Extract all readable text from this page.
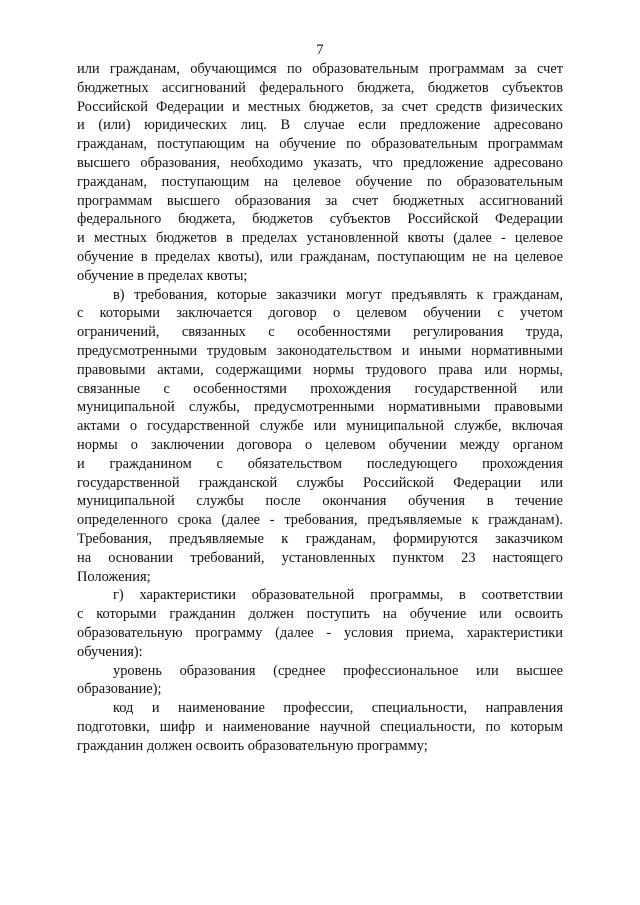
7
или гражданам, обучающимся по образовательным программам за счет
бюджетных ассигнований федерального бюджета, бюджетов субъектов
Российской Федерации и местных бюджетов, за счет средств физических
и (или) юридических лиц. В случае если предложение адресовано
гражданам, поступающим на обучение по образовательным программам
высшего образования, необходимо указать, что предложение адресовано
гражданам, поступающим на целевое обучение по образовательным
программам высшего образования за счет бюджетных ассигнований
федерального бюджета, бюджетов субъектов Российской Федерации
и местных бюджетов в пределах установленной квоты (далее - целевое
обучение в пределах квоты), или гражданам, поступающим не на целевое
обучение в пределах квоты;
в) требования, которые заказчики могут предъявлять к гражданам,
с которыми заключается договор о целевом обучении с учетом
ограничений, связанных с особенностями регулирования труда,
предусмотренными трудовым законодательством и иными нормативными
правовыми актами, содержащими нормы трудового права или нормы,
связанные с особенностями прохождения государственной или
муниципальной службы, предусмотренными нормативными правовыми
актами о государственной службе или муниципальной службе, включая
нормы о заключении договора о целевом обучении между органом
и гражданином с обязательством последующего прохождения
государственной гражданской службы Российской Федерации или
муниципальной службы после окончания обучения в течение
определенного срока (далее - требования, предъявляемые к гражданам).
Требования, предъявляемые к гражданам, формируются заказчиком
на основании требований, установленных пунктом 23 настоящего
Положения;
г) характеристики образовательной программы, в соответствии
с которыми гражданин должен поступить на обучение или освоить
образовательную программу (далее - условия приема, характеристики
обучения):
уровень образования (среднее профессиональное или высшее
образование);
код и наименование профессии, специальности, направления
подготовки, шифр и наименование научной специальности, по которым
гражданин должен освоить образовательную программу;
